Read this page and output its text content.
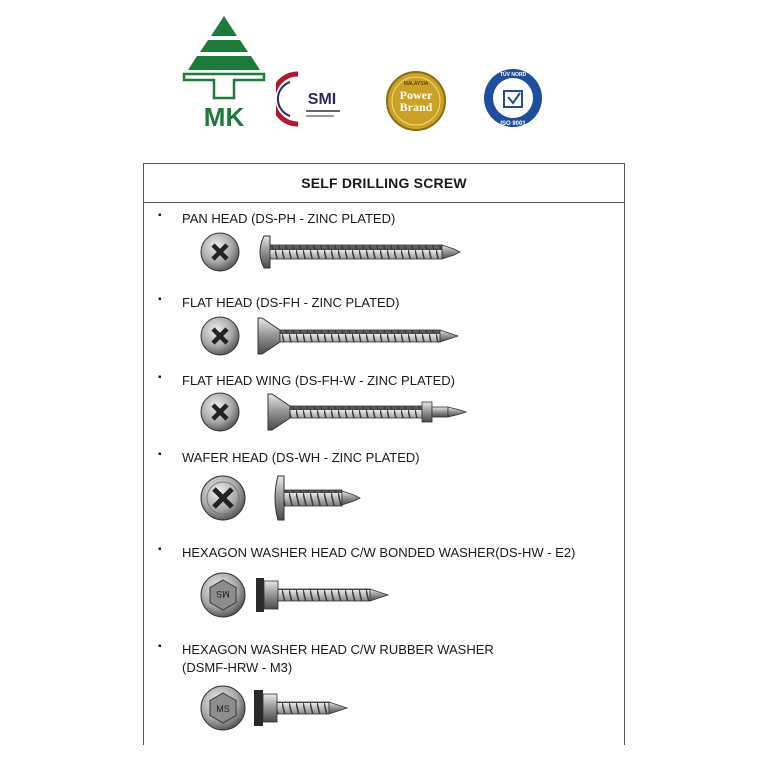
MK
SMI
MALAYSIA
Power
Brand
TÜV NORD
ISO 9001
SELF DRILLING SCREW
▪ PAN HEAD (DS-PH - ZINC PLATED)
▪ FLAT HEAD (DS-FH - ZINC PLATED)
▪ FLAT HEAD WING (DS-FH-W - ZINC PLATED)
▪ WAFER HEAD (DS-WH - ZINC PLATED)
▪ HEXAGON WASHER HEAD C/W BONDED WASHER(DS-HW - E2)
MS
▪ HEXAGON WASHER HEAD C/W RUBBER WASHER
(DSMF-HRW - M3)
MS
